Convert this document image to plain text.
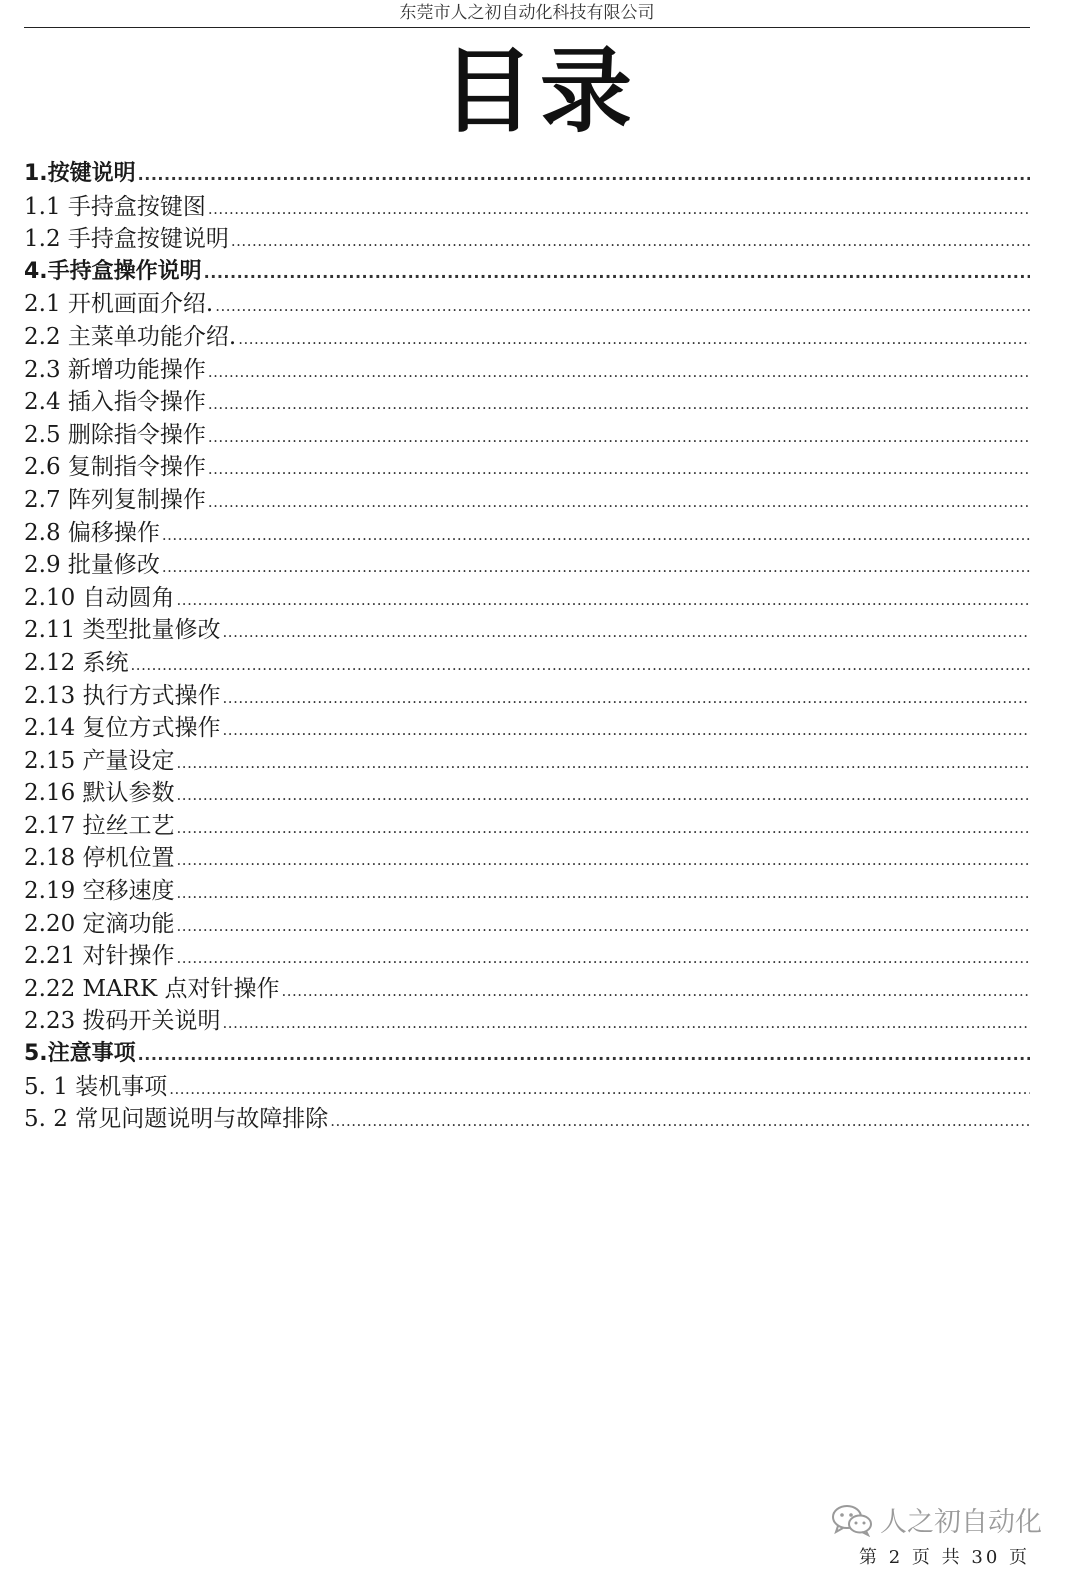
东莞市人之初自动化科技有限公司
目录
1.按键说明
.....
1.1 手持盒按键图
.....
1.2 手持盒按键说明
.....
4.手持盒操作说明
.....
2.1 开机画面介绍.
.....
2.2 主菜单功能介绍.
.....
2.3 新增功能操作
.....
2.4 插入指令操作
.....
2.5 删除指令操作
.....
2.6 复制指令操作
.....
2.7 阵列复制操作
.....
2.8 偏移操作
.....
2.9 批量修改
.....
2.10 自动圆角
.....
2.11 类型批量修改
.....
2.12 系统
.....
2.13 执行方式操作
.....
2.14 复位方式操作
.....
2.15 产量设定
.....
2.16 默认参数
.....
2.17 拉丝工艺
.....
2.18 停机位置
.....
2.19 空移速度
.....
2.20 定滴功能
.....
2.21 对针操作
.....
2.22 MARK 点对针操作
.....
2.23 拨码开关说明
.....
5.注意事项
.....
5. 1 装机事项
.....
5. 2 常见问题说明与故障排除
.....
人之初自动化
第 2 页 共 30 页
